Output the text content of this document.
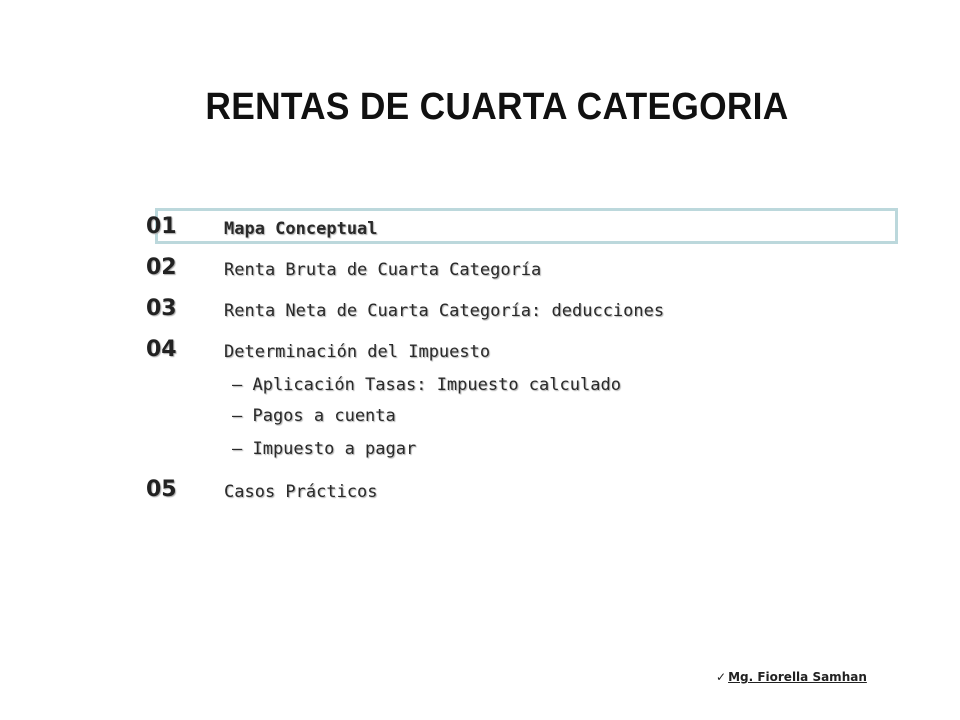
RENTAS DE CUARTA CATEGORIA
01	Mapa Conceptual
02	Renta Bruta de Cuarta Categoría
03	Renta Neta de Cuarta Categoría: deducciones
04	Determinación del Impuesto
– Aplicación Tasas: Impuesto calculado
– Pagos a cuenta
– Impuesto a pagar
05	Casos Prácticos
✓ Mg. Fiorella Samhan
